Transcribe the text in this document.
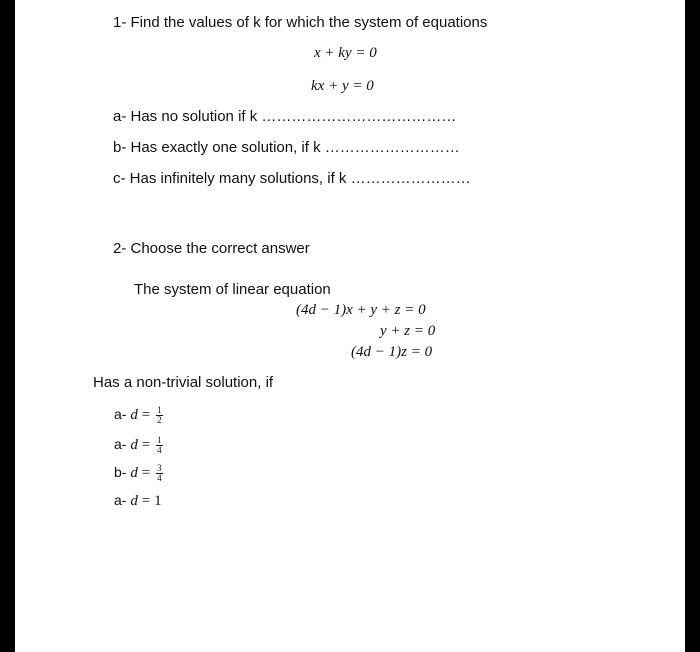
1- Find the values of k for which the system of equations
x + ky = 0
kx + y = 0
a- Has no solution if k …………………………………
b- Has exactly one solution, if k ………………………
c- Has infinitely many solutions, if k ……………………
2- Choose the correct answer
The system of linear equation
(4d − 1)x + y + z = 0
y + z = 0
(4d − 1)z = 0
Has a non-trivial solution, if
a- $d = \frac{1}{2}$
a- $d = \frac{1}{4}$
b- $d = \frac{3}{4}$
a- d = 1
